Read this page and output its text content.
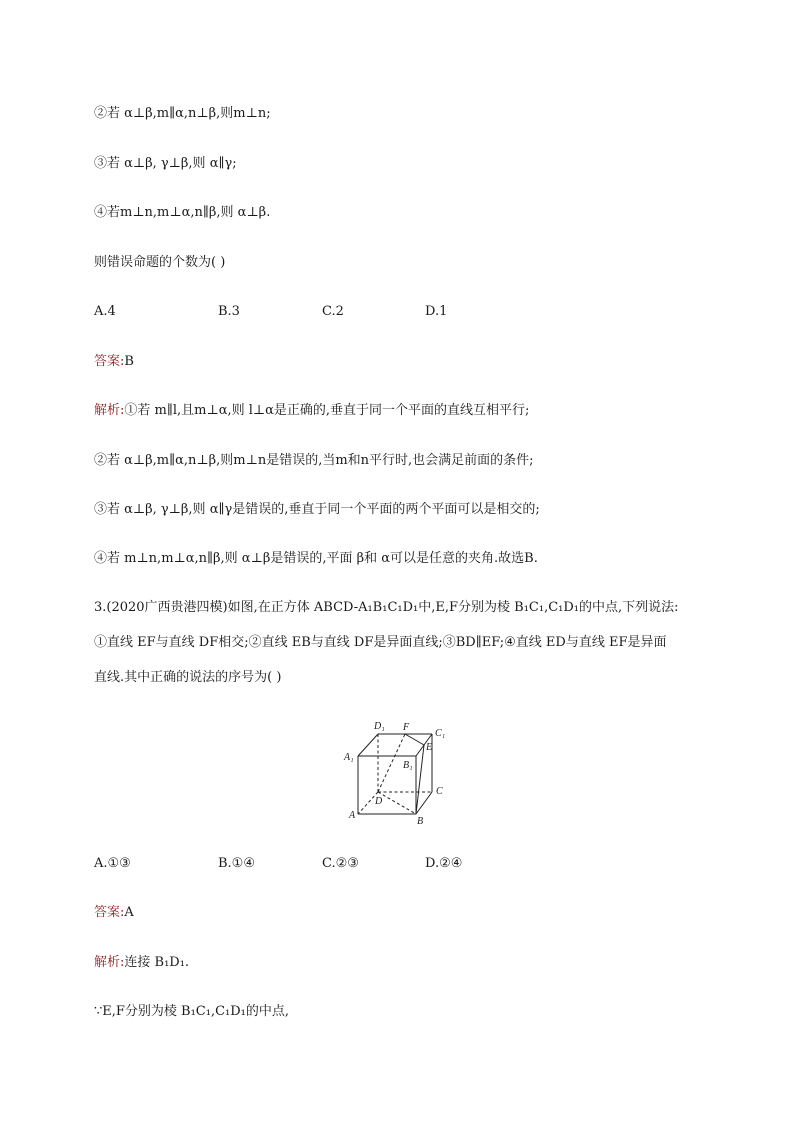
②若 α⊥β,m∥α,n⊥β,则m⊥n;
③若 α⊥β, γ⊥β,则 α∥γ;
④若m⊥n,m⊥α,n∥β,则 α⊥β.
则错误命题的个数为( )
A.4	B.3	C.2	D.1
答案:B
解析:①若 m∥l,且m⊥α,则 l⊥α是正确的,垂直于同一个平面的直线互相平行;
②若 α⊥β,m∥α,n⊥β,则m⊥n是错误的,当m和n平行时,也会满足前面的条件;
③若 α⊥β, γ⊥β,则 α∥γ是错误的,垂直于同一个平面的两个平面可以是相交的;
④若 m⊥n,m⊥α,n∥β,则 α⊥β是错误的,平面 β和 α可以是任意的夹角.故选B.
3.(2020广西贵港四模)如图,在正方体 ABCD-A₁B₁C₁D₁中,E,F分别为棱 B₁C₁,C₁D₁的中点,下列说法:
①直线 EF与直线 DF相交;②直线 EB与直线 DF是异面直线;③BD∥EF;④直线 ED与直线 EF是异面
直线.其中正确的说法的序号为( )
D₁ F
C₁
A₁
E
B₁
D
C
A
B
A.①③	B.①④	C.②③	D.②④
答案:A
解析:连接 B₁D₁.
∵E,F分别为棱 B₁C₁,C₁D₁的中点,
